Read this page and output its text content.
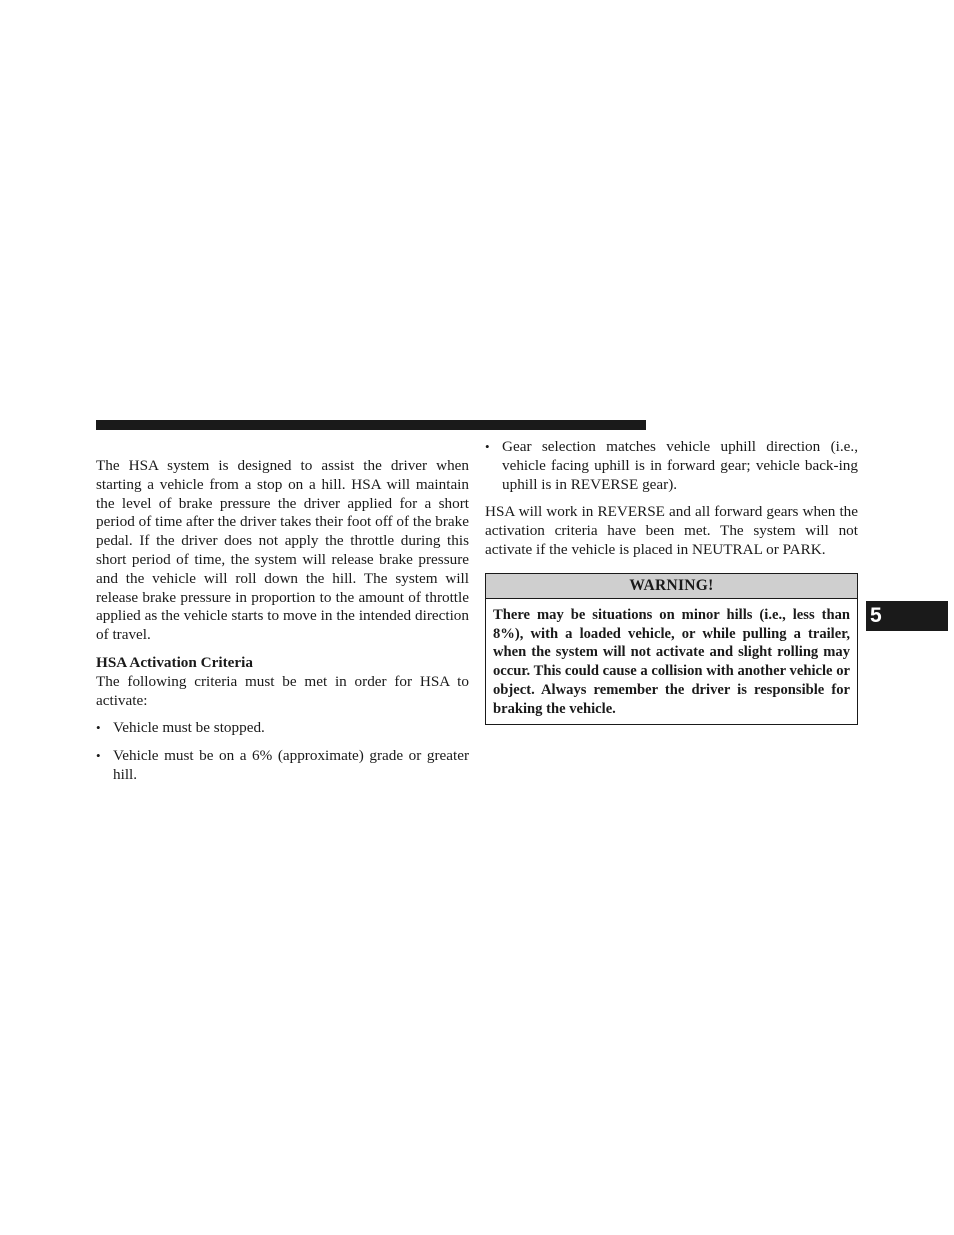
The HSA system is designed to assist the driver when starting a vehicle from a stop on a hill. HSA will maintain the level of brake pressure the driver applied for a short period of time after the driver takes their foot off of the brake pedal. If the driver does not apply the throttle during this short period of time, the system will release brake pressure and the vehicle will roll down the hill. The system will release brake pressure in proportion to the amount of throttle applied as the vehicle starts to move in the intended direction of travel.

HSA Activation Criteria

The following criteria must be met in order for HSA to activate:

• Vehicle must be stopped.
• Vehicle must be on a 6% (approximate) grade or greater hill.
• Gear selection matches vehicle uphill direction (i.e., vehicle facing uphill is in forward gear; vehicle back-ing uphill is in REVERSE gear).

HSA will work in REVERSE and all forward gears when the activation criteria have been met. The system will not activate if the vehicle is placed in NEUTRAL or PARK.

WARNING!
There may be situations on minor hills (i.e., less than 8%), with a loaded vehicle, or while pulling a trailer, when the system will not activate and slight rolling may occur. This could cause a collision with another vehicle or object. Always remember the driver is responsible for braking the vehicle.
5
